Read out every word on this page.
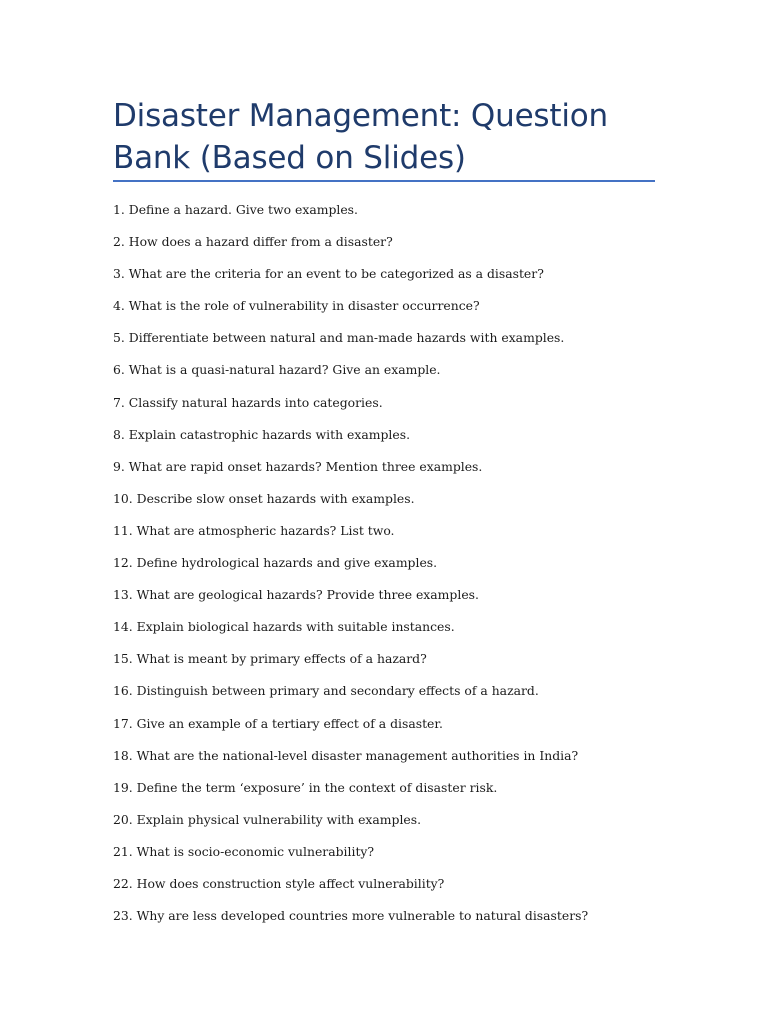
Disaster Management: Question Bank (Based on Slides)
1. Define a hazard. Give two examples.
2. How does a hazard differ from a disaster?
3. What are the criteria for an event to be categorized as a disaster?
4. What is the role of vulnerability in disaster occurrence?
5. Differentiate between natural and man-made hazards with examples.
6. What is a quasi-natural hazard? Give an example.
7. Classify natural hazards into categories.
8. Explain catastrophic hazards with examples.
9. What are rapid onset hazards? Mention three examples.
10. Describe slow onset hazards with examples.
11. What are atmospheric hazards? List two.
12. Define hydrological hazards and give examples.
13. What are geological hazards? Provide three examples.
14. Explain biological hazards with suitable instances.
15. What is meant by primary effects of a hazard?
16. Distinguish between primary and secondary effects of a hazard.
17. Give an example of a tertiary effect of a disaster.
18. What are the national-level disaster management authorities in India?
19. Define the term ‘exposure’ in the context of disaster risk.
20. Explain physical vulnerability with examples.
21. What is socio-economic vulnerability?
22. How does construction style affect vulnerability?
23. Why are less developed countries more vulnerable to natural disasters?
